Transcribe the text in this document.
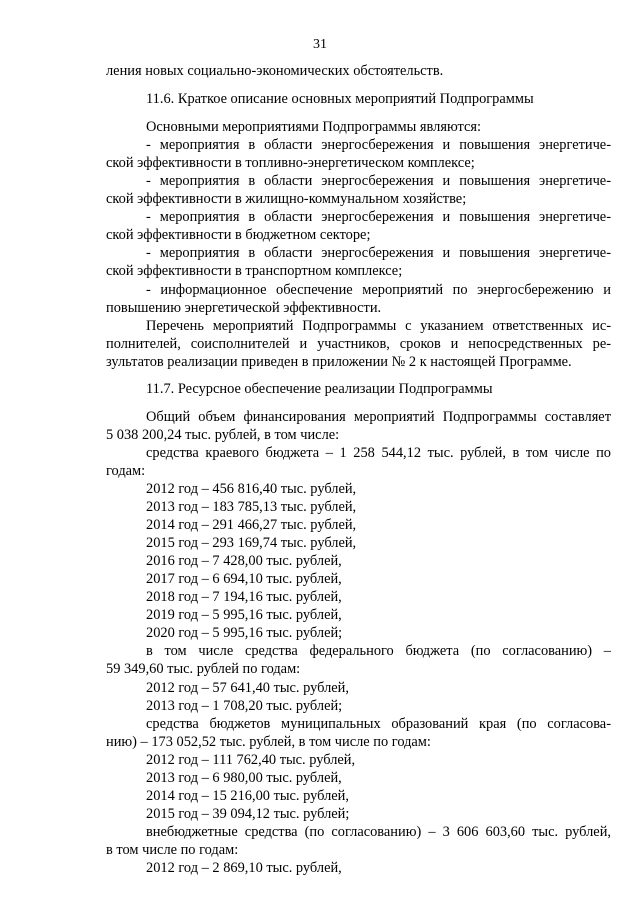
31

ления новых социально-экономических обстоятельств.

11.6. Краткое описание основных мероприятий Подпрограммы

Основными мероприятиями Подпрограммы являются:

- мероприятия в области энергосбережения и повышения энергетиче-

ской эффективности в топливно-энергетическом комплексе;

- мероприятия в области энергосбережения и повышения энергетиче-

ской эффективности в жилищно-коммунальном хозяйстве;

- мероприятия в области энергосбережения и повышения энергетиче-

ской эффективности в бюджетном секторе;

- мероприятия в области энергосбережения и повышения энергетиче-

ской эффективности в транспортном комплексе;

- информационное обеспечение мероприятий по энергосбережению и

повышению энергетической эффективности.

Перечень мероприятий Подпрограммы с указанием ответственных ис-

полнителей, соисполнителей и участников, сроков и непосредственных ре-

зультатов реализации приведен в приложении № 2 к настоящей Программе.

11.7. Ресурсное обеспечение реализации Подпрограммы

Общий объем финансирования мероприятий Подпрограммы составляет

5 038 200,24 тыс. рублей, в том числе:

средства краевого бюджета – 1 258 544,12 тыс. рублей, в том числе по

годам:

2012 год – 456 816,40 тыс. рублей,

2013 год – 183 785,13 тыс. рублей,

2014 год – 291 466,27 тыс. рублей,

2015 год – 293 169,74 тыс. рублей,

2016 год – 7 428,00 тыс. рублей,

2017 год – 6 694,10 тыс. рублей,

2018 год – 7 194,16 тыс. рублей,

2019 год – 5 995,16 тыс. рублей,

2020 год – 5 995,16 тыс. рублей;

в том числе средства федерального бюджета (по согласованию) –

59 349,60 тыс. рублей по годам:

2012 год – 57 641,40 тыс. рублей,

2013 год – 1 708,20 тыс. рублей;

средства бюджетов муниципальных образований края (по согласова-

нию) – 173 052,52 тыс. рублей, в том числе по годам:

2012 год – 111 762,40 тыс. рублей,

2013 год – 6 980,00 тыс. рублей,

2014 год – 15 216,00 тыс. рублей,

2015 год – 39 094,12 тыс. рублей;

внебюджетные средства (по согласованию) – 3 606 603,60 тыс. рублей,

в том числе по годам:

2012 год – 2 869,10 тыс. рублей,
